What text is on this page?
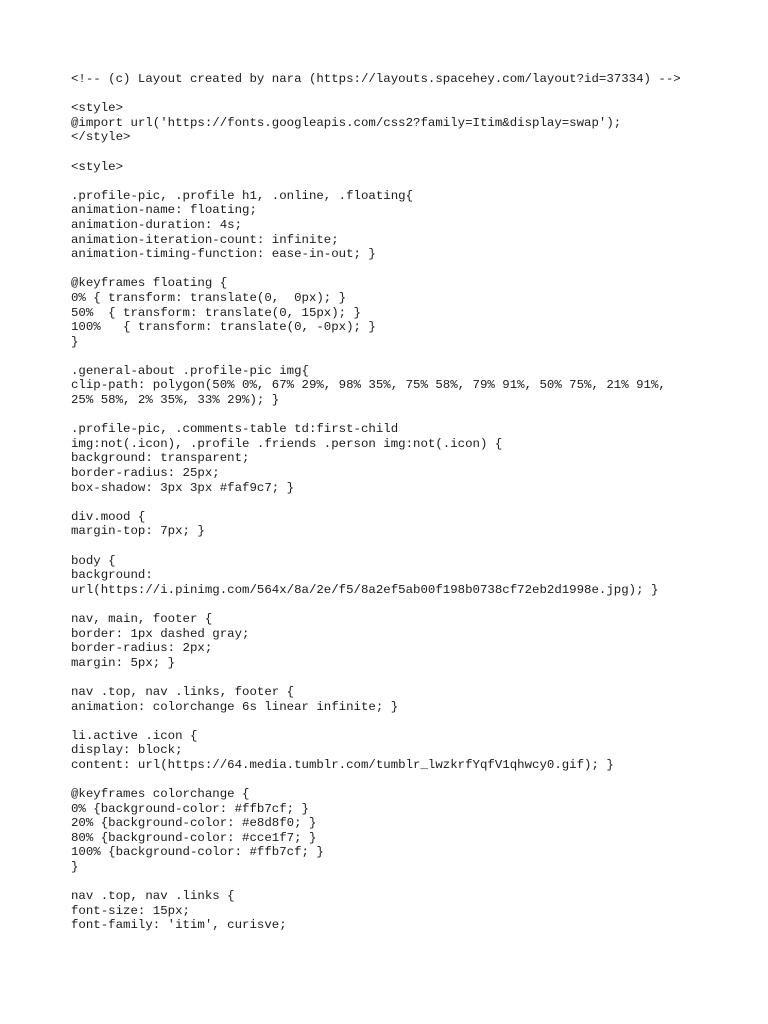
<!-- (c) Layout created by nara (https://layouts.spacehey.com/layout?id=37334) -->
<style>
@import url('https://fonts.googleapis.com/css2?family=Itim&display=swap');
</style>
<style>
.profile-pic, .profile h1, .online, .floating{
animation-name: floating;
animation-duration: 4s;
animation-iteration-count: infinite;
animation-timing-function: ease-in-out; }
@keyframes floating {
0% { transform: translate(0,  0px); }
50%  { transform: translate(0, 15px); }
100%   { transform: translate(0, -0px); }
}
.general-about .profile-pic img{
clip-path: polygon(50% 0%, 67% 29%, 98% 35%, 75% 58%, 79% 91%, 50% 75%, 21% 91%,
25% 58%, 2% 35%, 33% 29%); }
.profile-pic, .comments-table td:first-child
img:not(.icon), .profile .friends .person img:not(.icon) {
background: transparent;
border-radius: 25px;
box-shadow: 3px 3px #faf9c7; }
div.mood {
margin-top: 7px; }
body {
background:
url(https://i.pinimg.com/564x/8a/2e/f5/8a2ef5ab00f198b0738cf72eb2d1998e.jpg); }
nav, main, footer {
border: 1px dashed gray;
border-radius: 2px;
margin: 5px; }
nav .top, nav .links, footer {
animation: colorchange 6s linear infinite; }
li.active .icon {
display: block;
content: url(https://64.media.tumblr.com/tumblr_lwzkrfYqfV1qhwcy0.gif); }
@keyframes colorchange {
0% {background-color: #ffb7cf; }
20% {background-color: #e8d8f0; }
80% {background-color: #cce1f7; }
100% {background-color: #ffb7cf; }
}
nav .top, nav .links {
font-size: 15px;
font-family: 'itim', curisve;
